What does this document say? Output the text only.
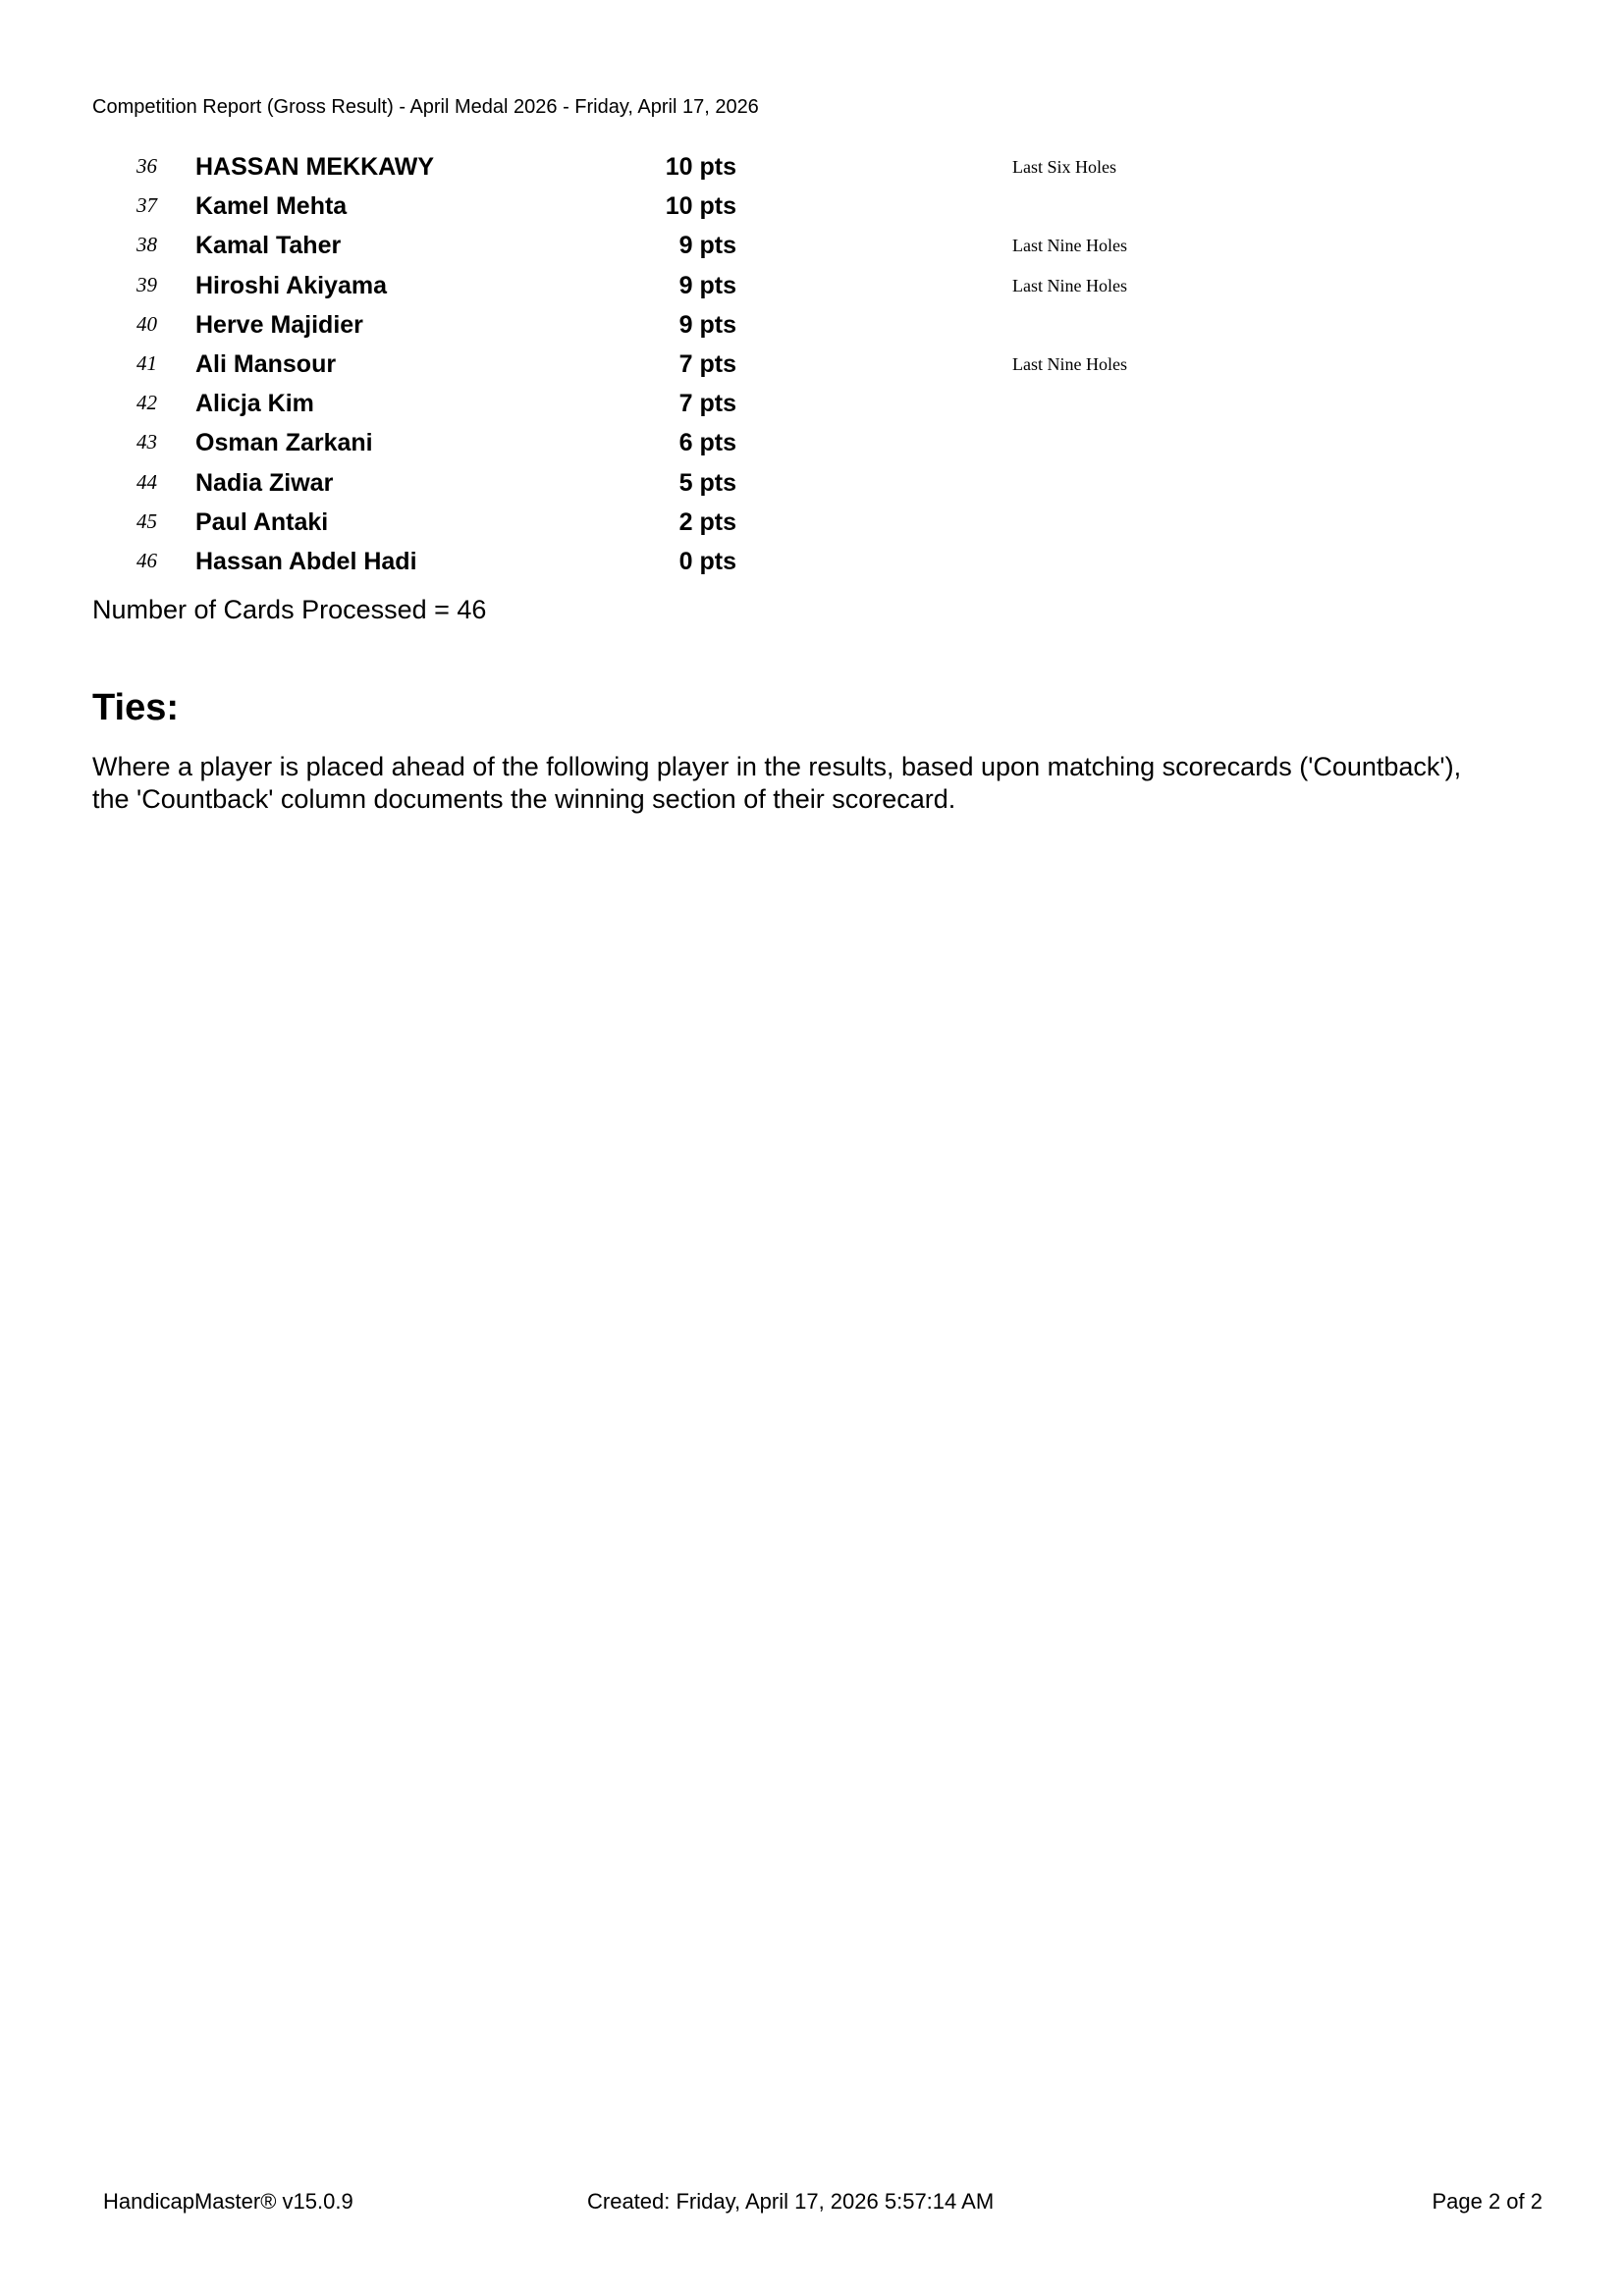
Competition Report (Gross Result) - April Medal 2026 - Friday, April 17, 2026
36 HASSAN MEKKAWY	10 pts	Last Six Holes
37 Kamel Mehta	10 pts
38 Kamal Taher	9 pts	Last Nine Holes
39 Hiroshi Akiyama	9 pts	Last Nine Holes
40 Herve Majidier	9 pts
41 Ali Mansour	7 pts	Last Nine Holes
42 Alicja Kim	7 pts
43 Osman Zarkani	6 pts
44 Nadia Ziwar	5 pts
45 Paul Antaki	2 pts
46 Hassan Abdel Hadi	0 pts
Number of Cards Processed = 46
Ties:
Where a player is placed ahead of the following player in the results, based upon matching scorecards ('Countback'),
the 'Countback' column documents the winning section of their scorecard.
HandicapMaster® v15.0.9	Created: Friday, April 17, 2026 5:57:14 AM	Page 2 of 2
